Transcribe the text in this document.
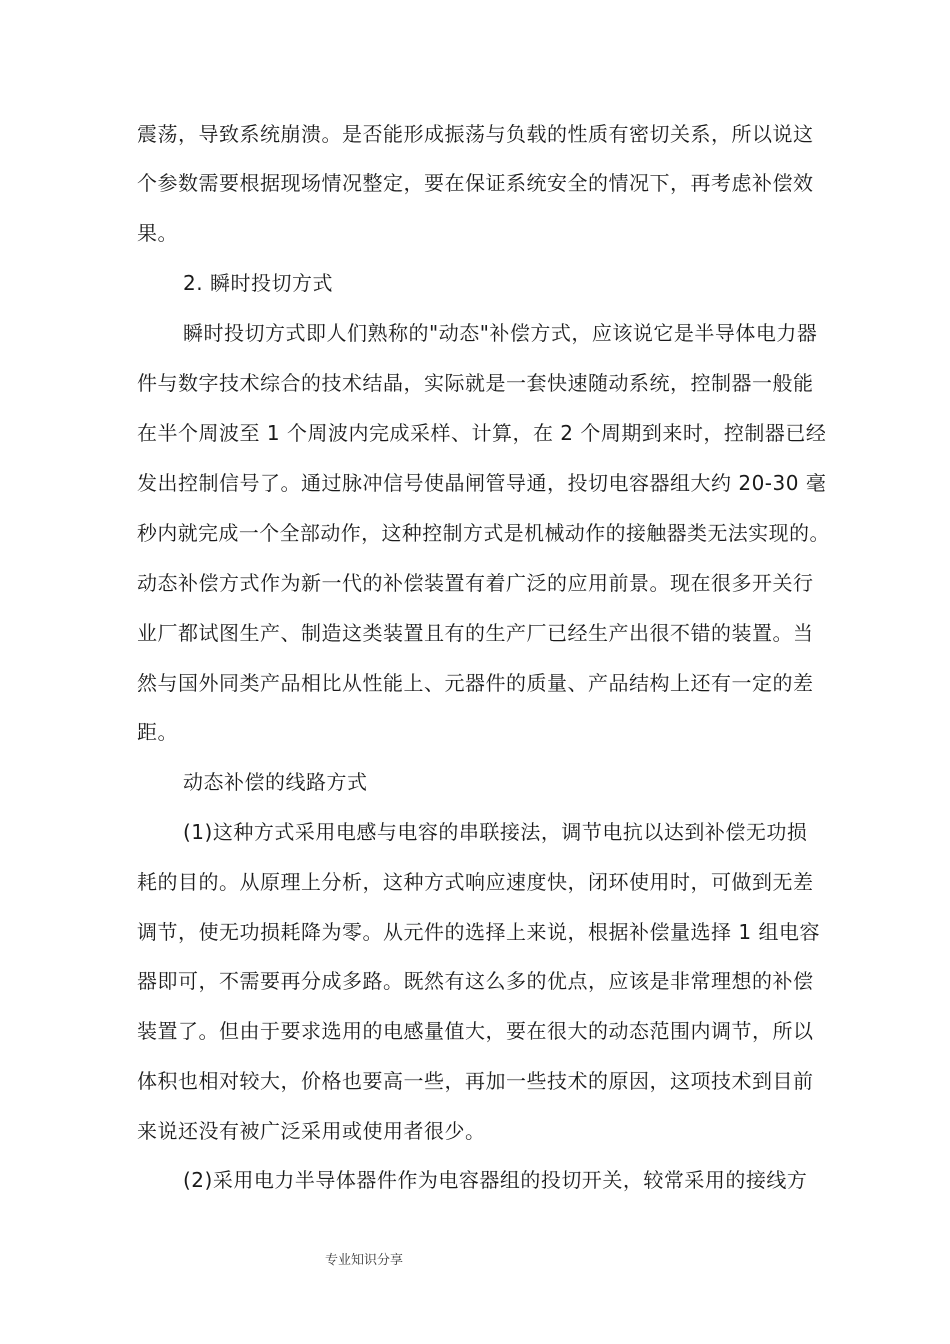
震荡，导致系统崩溃。是否能形成振荡与负载的性质有密切关系，所以说这
个参数需要根据现场情况整定，要在保证系统安全的情况下，再考虑补偿效
果。
2. 瞬时投切方式
瞬时投切方式即人们熟称的"动态"补偿方式，应该说它是半导体电力器
件与数字技术综合的技术结晶，实际就是一套快速随动系统，控制器一般能
在半个周波至 1 个周波内完成采样、计算，在 2 个周期到来时，控制器已经
发出控制信号了。通过脉冲信号使晶闸管导通，投切电容器组大约 20-30 毫
秒内就完成一个全部动作，这种控制方式是机械动作的接触器类无法实现的。
动态补偿方式作为新一代的补偿装置有着广泛的应用前景。现在很多开关行
业厂都试图生产、制造这类装置且有的生产厂已经生产出很不错的装置。当
然与国外同类产品相比从性能上、元器件的质量、产品结构上还有一定的差
距。
动态补偿的线路方式
(1)这种方式采用电感与电容的串联接法，调节电抗以达到补偿无功损
耗的目的。从原理上分析，这种方式响应速度快，闭环使用时，可做到无差
调节，使无功损耗降为零。从元件的选择上来说，根据补偿量选择 1 组电容
器即可，不需要再分成多路。既然有这么多的优点，应该是非常理想的补偿
装置了。但由于要求选用的电感量值大，要在很大的动态范围内调节，所以
体积也相对较大，价格也要高一些，再加一些技术的原因，这项技术到目前
来说还没有被广泛采用或使用者很少。
(2)采用电力半导体器件作为电容器组的投切开关，较常采用的接线方
专业知识分享
